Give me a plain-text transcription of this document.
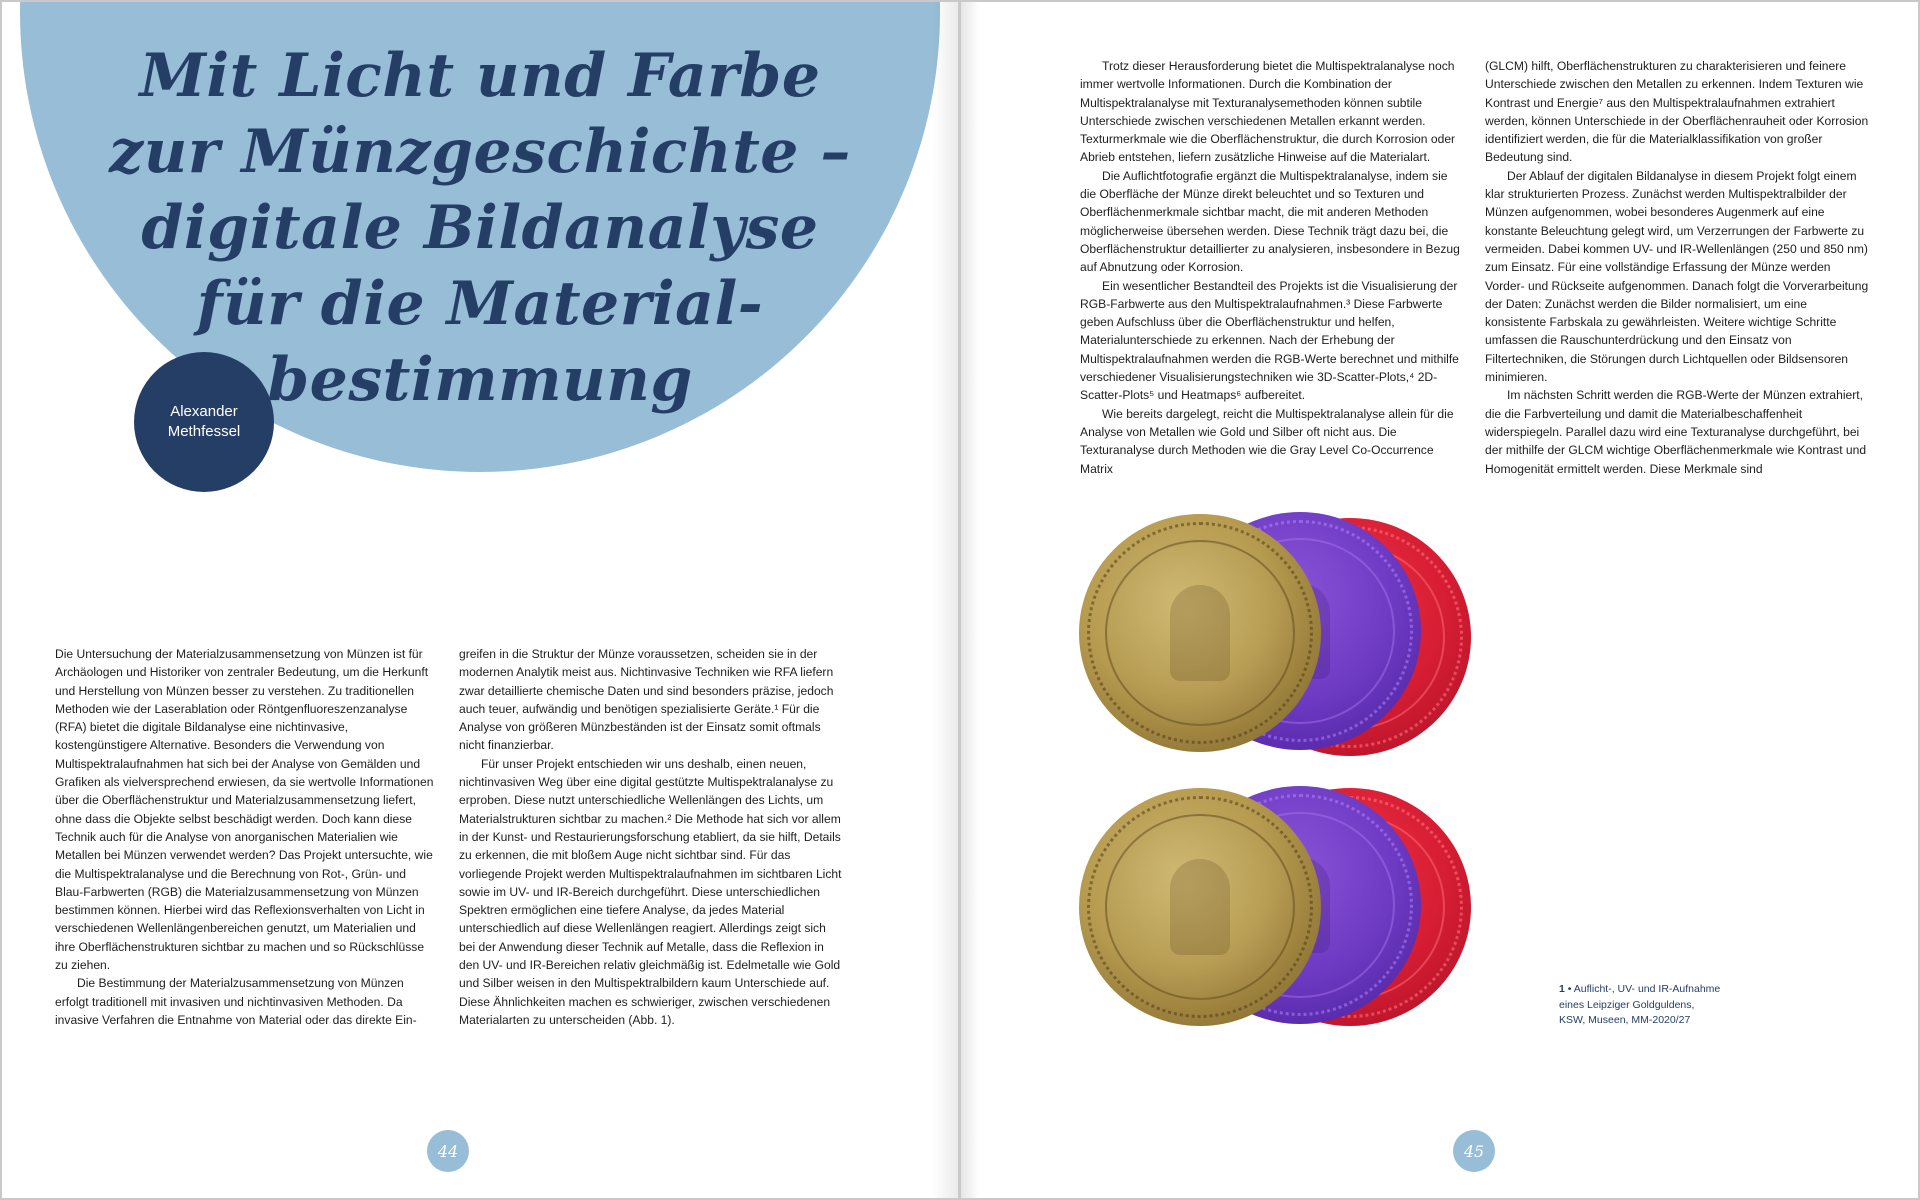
Mit Licht und Farbe
zur Münzgeschichte –
digitale Bildanalyse
für die Material-
bestimmung
Alexander
Methfessel

Die Untersuchung der Materialzusammensetzung von Münzen ist für Archäologen und Historiker von zentraler Bedeutung, um die Herkunft und Herstellung von Münzen besser zu verstehen. Zu traditionellen Methoden wie der Laserablation oder Röntgenfluoreszenzanalyse (RFA) bietet die digitale Bildanalyse eine nichtinvasive, kostengünstigere Alternative. Besonders die Verwendung von Multispektralaufnahmen hat sich bei der Analyse von Gemälden und Grafiken als vielversprechend erwiesen, da sie wertvolle Informationen über die Oberflächenstruktur und Materialzusammensetzung liefert, ohne dass die Objekte selbst beschädigt werden. Doch kann diese Technik auch für die Analyse von anorganischen Materialien wie Metallen bei Münzen verwendet werden? Das Projekt untersuchte, wie die Multispektralanalyse und die Berechnung von Rot-, Grün- und Blau-Farbwerten (RGB) die Materialzusammensetzung von Münzen bestimmen können. Hierbei wird das Reflexionsverhalten von Licht in verschiedenen Wellenlängenbereichen genutzt, um Materialien und ihre Oberflächenstrukturen sichtbar zu machen und so Rückschlüsse zu ziehen.

Die Bestimmung der Materialzusammensetzung von Münzen erfolgt traditionell mit invasiven und nichtinvasiven Methoden. Da invasive Verfahren die Entnahme von Material oder das direkte Ein-

greifen in die Struktur der Münze voraussetzen, scheiden sie in der modernen Analytik meist aus. Nichtinvasive Techniken wie RFA liefern zwar detaillierte chemische Daten und sind besonders präzise, jedoch auch teuer, aufwändig und benötigen spezialisierte Geräte.¹ Für die Analyse von größeren Münzbeständen ist der Einsatz somit oftmals nicht finanzierbar.

Für unser Projekt entschieden wir uns deshalb, einen neuen, nichtinvasiven Weg über eine digital gestützte Multispektralanalyse zu erproben. Diese nutzt unterschiedliche Wellenlängen des Lichts, um Materialstrukturen sichtbar zu machen.² Die Methode hat sich vor allem in der Kunst- und Restaurierungsforschung etabliert, da sie hilft, Details zu erkennen, die mit bloßem Auge nicht sichtbar sind. Für das vorliegende Projekt werden Multispektralaufnahmen im sichtbaren Licht sowie im UV- und IR-Bereich durchgeführt. Diese unterschiedlichen Spektren ermöglichen eine tiefere Analyse, da jedes Material unterschiedlich auf diese Wellenlängen reagiert. Allerdings zeigt sich bei der Anwendung dieser Technik auf Metalle, dass die Reflexion in den UV- und IR-Bereichen relativ gleichmäßig ist. Edelmetalle wie Gold und Silber weisen in den Multispektralbildern kaum Unterschiede auf. Diese Ähnlichkeiten machen es schwieriger, zwischen verschiedenen Materialarten zu unterscheiden (Abb. 1).

44

Trotz dieser Herausforderung bietet die Multispektralanalyse noch immer wertvolle Informationen. Durch die Kombination der Multispektralanalyse mit Texturanalysemethoden können subtile Unterschiede zwischen verschiedenen Metallen erkannt werden. Texturmerkmale wie die Oberflächenstruktur, die durch Korrosion oder Abrieb entstehen, liefern zusätzliche Hinweise auf die Materialart.

Die Auflichtfotografie ergänzt die Multispektralanalyse, indem sie die Oberfläche der Münze direkt beleuchtet und so Texturen und Oberflächenmerkmale sichtbar macht, die mit anderen Methoden möglicherweise übersehen werden. Diese Technik trägt dazu bei, die Oberflächenstruktur detaillierter zu analysieren, insbesondere in Bezug auf Abnutzung oder Korrosion.

Ein wesentlicher Bestandteil des Projekts ist die Visualisierung der RGB-Farbwerte aus den Multispektralaufnahmen.³ Diese Farbwerte geben Aufschluss über die Oberflächenstruktur und helfen, Materialunterschiede zu erkennen. Nach der Erhebung der Multispektralaufnahmen werden die RGB-Werte berechnet und mithilfe verschiedener Visualisierungstechniken wie 3D-Scatter-Plots,⁴ 2D-Scatter-Plots⁵ und Heatmaps⁶ aufbereitet.

Wie bereits dargelegt, reicht die Multispektralanalyse allein für die Analyse von Metallen wie Gold und Silber oft nicht aus. Die Texturanalyse durch Methoden wie die Gray Level Co-Occurrence Matrix

(GLCM) hilft, Oberflächenstrukturen zu charakterisieren und feinere Unterschiede zwischen den Metallen zu erkennen. Indem Texturen wie Kontrast und Energie⁷ aus den Multispektralaufnahmen extrahiert werden, können Unterschiede in der Oberflächenrauheit oder Korrosion identifiziert werden, die für die Materialklassifikation von großer Bedeutung sind.

Der Ablauf der digitalen Bildanalyse in diesem Projekt folgt einem klar strukturierten Prozess. Zunächst werden Multispektralbilder der Münzen aufgenommen, wobei besonderes Augenmerk auf eine konstante Beleuchtung gelegt wird, um Verzerrungen der Farbwerte zu vermeiden. Dabei kommen UV- und IR-Wellenlängen (250 und 850 nm) zum Einsatz. Für eine vollständige Erfassung der Münze werden Vorder- und Rückseite aufgenommen. Danach folgt die Vorverarbeitung der Daten: Zunächst werden die Bilder normalisiert, um eine konsistente Farbskala zu gewährleisten. Weitere wichtige Schritte umfassen die Rauschunterdrückung und den Einsatz von Filtertechniken, die Störungen durch Lichtquellen oder Bildsensoren minimieren.

Im nächsten Schritt werden die RGB-Werte der Münzen extrahiert, die die Farbverteilung und damit die Materialbeschaffenheit widerspiegeln. Parallel dazu wird eine Texturanalyse durchgeführt, bei der mithilfe der GLCM wichtige Oberflächenmerkmale wie Kontrast und Homogenität ermittelt werden. Diese Merkmale sind

1 • Auflicht-, UV- und IR-Aufnahme
eines Leipziger Goldguldens,
KSW, Museen, MM-2020/27
45
